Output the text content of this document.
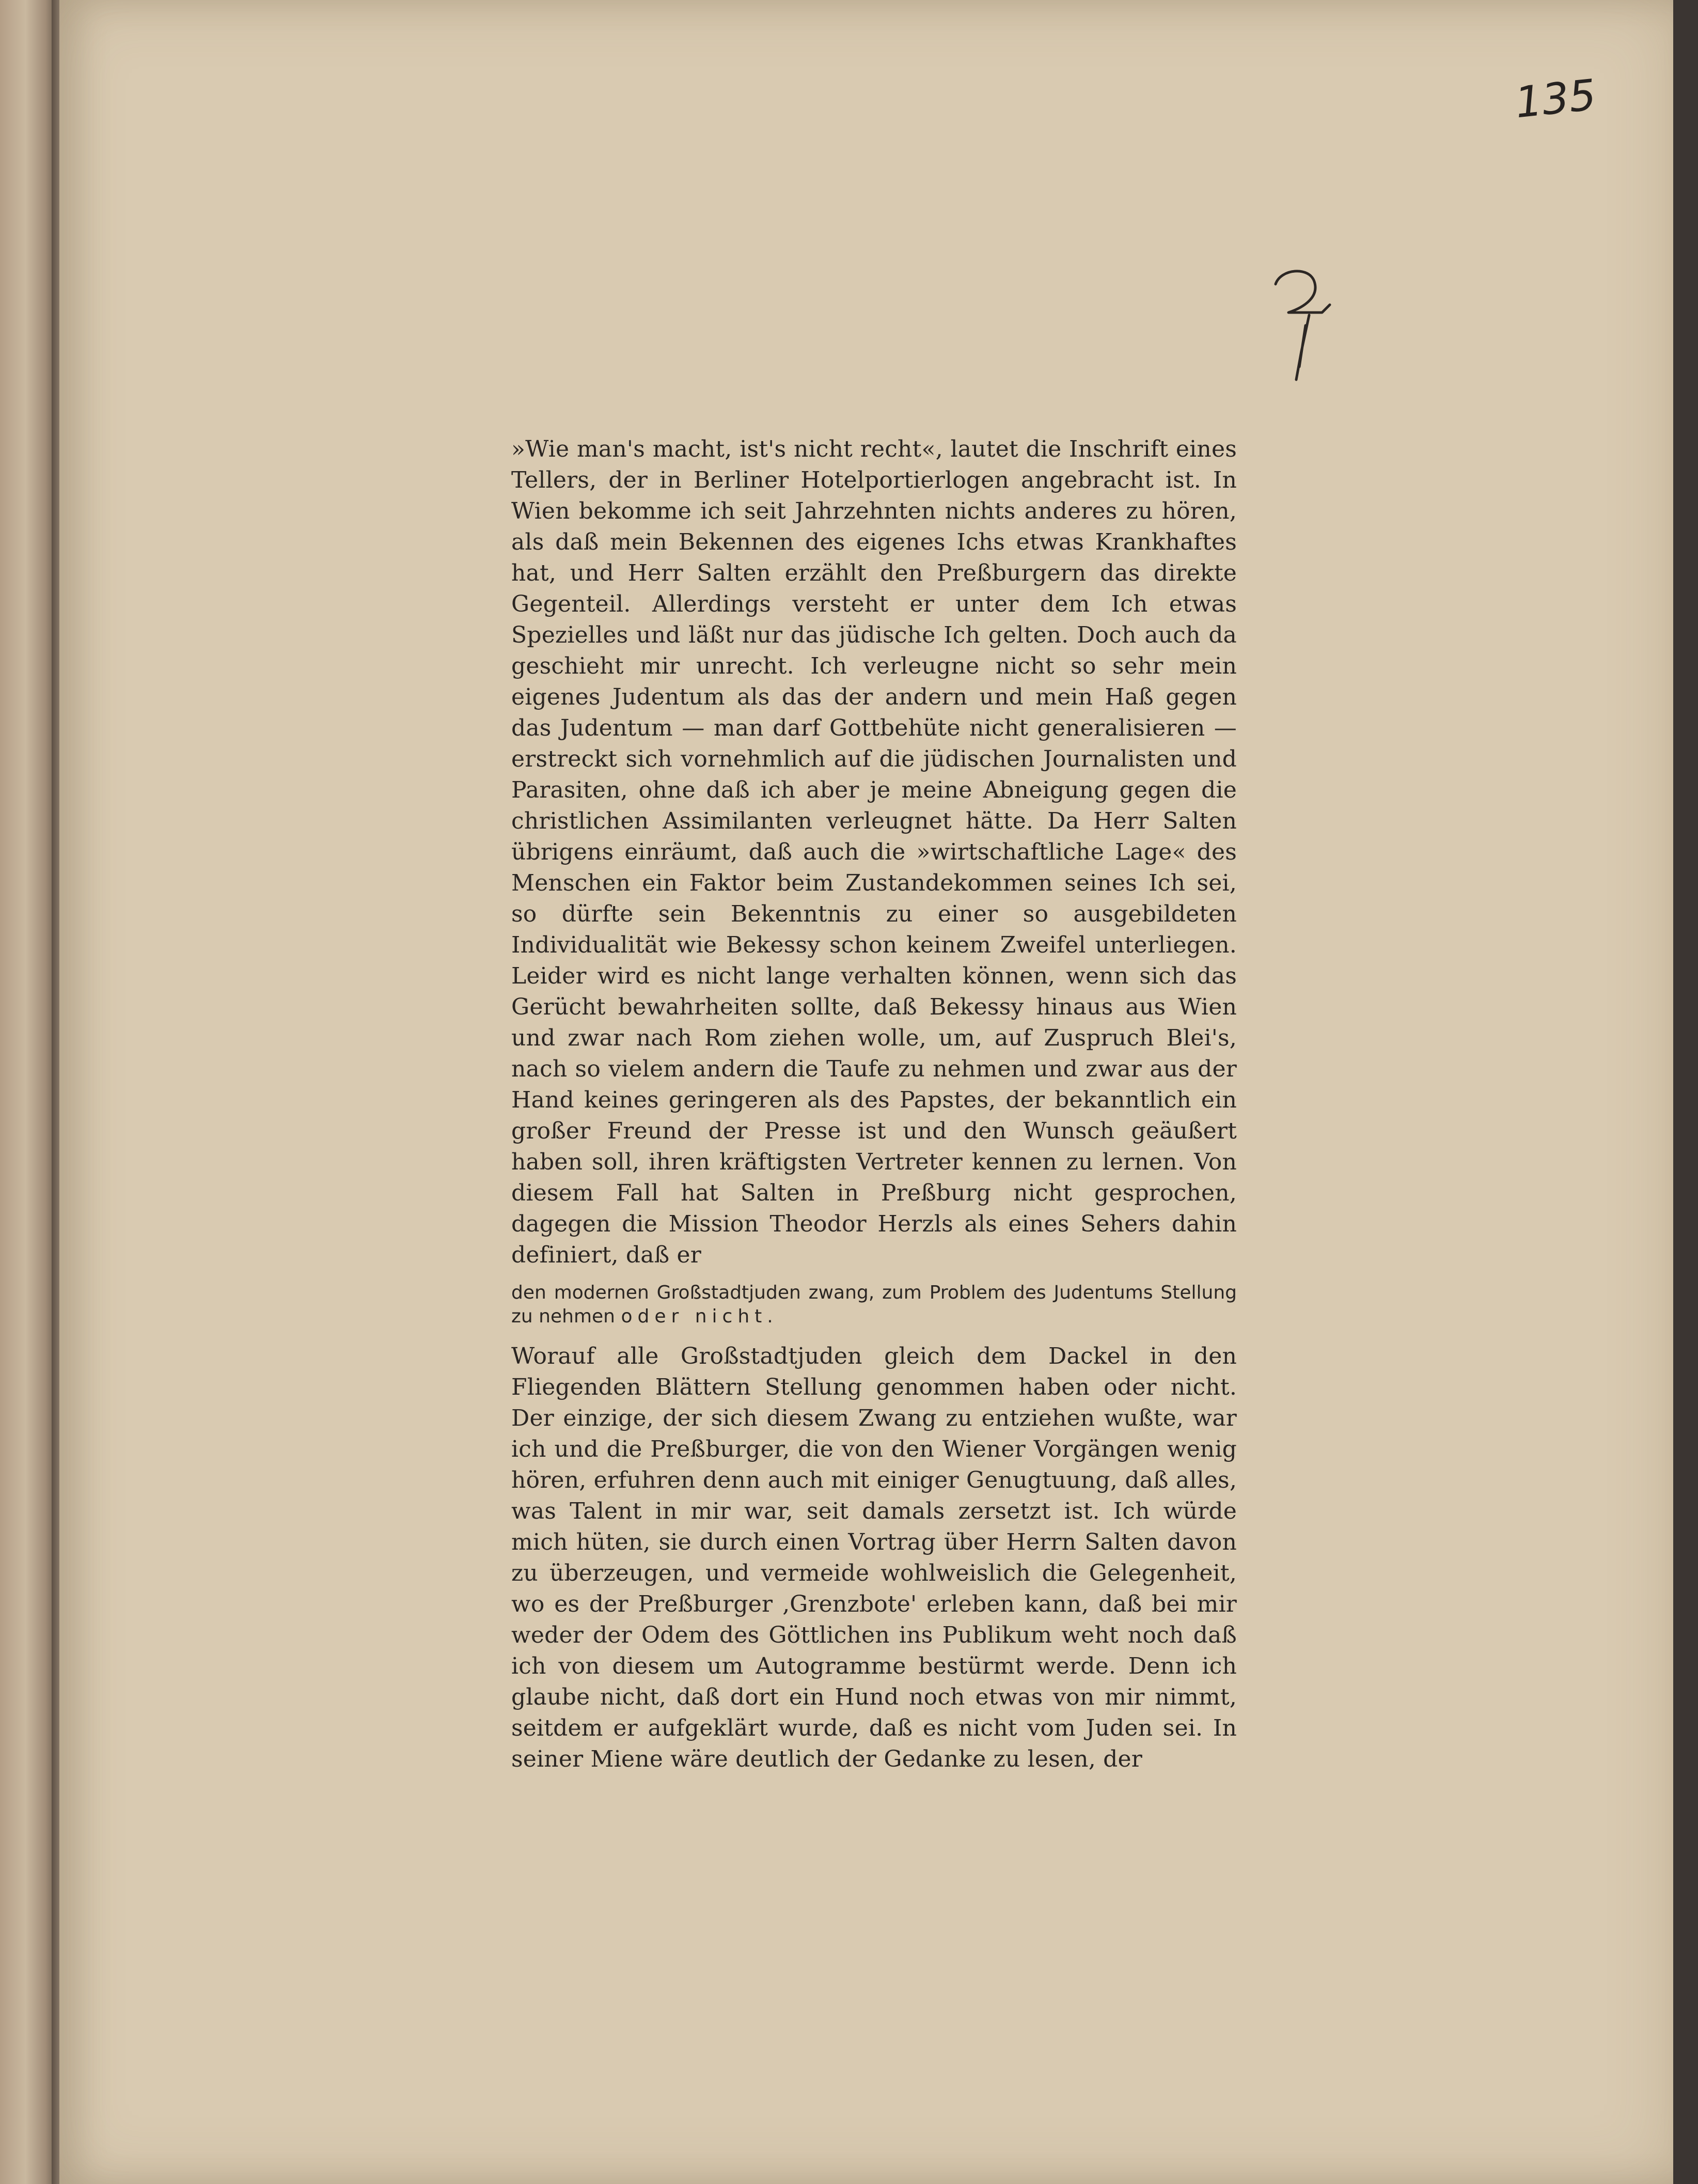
135

»Wie man's macht, ist's nicht recht«, lautet die Inschrift eines Tellers, der in Berliner Hotelportierlogen angebracht ist. In Wien bekomme ich seit Jahrzehnten nichts anderes zu hören, als daß mein Bekennen des eigenes Ichs etwas Krankhaftes hat, und Herr Salten erzählt den Preßburgern das direkte Gegenteil. Allerdings versteht er unter dem Ich etwas Spezielles und läßt nur das jüdische Ich gelten. Doch auch da geschieht mir unrecht. Ich verleugne nicht so sehr mein eigenes Judentum als das der andern und mein Haß gegen das Judentum — man darf Gottbehüte nicht generalisieren — erstreckt sich vornehmlich auf die jüdischen Journalisten und Parasiten, ohne daß ich aber je meine Abneigung gegen die christlichen Assimilanten verleugnet hätte. Da Herr Salten übrigens einräumt, daß auch die »wirtschaftliche Lage« des Menschen ein Faktor beim Zustandekommen seines Ich sei, so dürfte sein Bekenntnis zu einer so ausgebildeten Individualität wie Bekessy schon keinem Zweifel unterliegen. Leider wird es nicht lange verhalten können, wenn sich das Gerücht bewahrheiten sollte, daß Bekessy hinaus aus Wien und zwar nach Rom ziehen wolle, um, auf Zuspruch Blei's, nach so vielem andern die Taufe zu nehmen und zwar aus der Hand keines geringeren als des Papstes, der bekanntlich ein großer Freund der Presse ist und den Wunsch geäußert haben soll, ihren kräftigsten Vertreter kennen zu lernen. Von diesem Fall hat Salten in Preßburg nicht gesprochen, dagegen die Mission Theodor Herzls als eines Sehers dahin definiert, daß er

den modernen Großstadtjuden zwang, zum Problem des Judentums Stellung zu nehmen oder nicht.

Worauf alle Großstadtjuden gleich dem Dackel in den Fliegenden Blättern Stellung genommen haben oder nicht. Der einzige, der sich diesem Zwang zu entziehen wußte, war ich und die Preßburger, die von den Wiener Vorgängen wenig hören, erfuhren denn auch mit einiger Genugtuung, daß alles, was Talent in mir war, seit damals zersetzt ist. Ich würde mich hüten, sie durch einen Vortrag über Herrn Salten davon zu überzeugen, und vermeide wohlweislich die Gelegenheit, wo es der Preßburger ‚Grenzbote' erleben kann, daß bei mir weder der Odem des Göttlichen ins Publikum weht noch daß ich von diesem um Autogramme bestürmt werde. Denn ich glaube nicht, daß dort ein Hund noch etwas von mir nimmt, seitdem er aufgeklärt wurde, daß es nicht vom Juden sei. In seiner Miene wäre deutlich der Gedanke zu lesen, der
